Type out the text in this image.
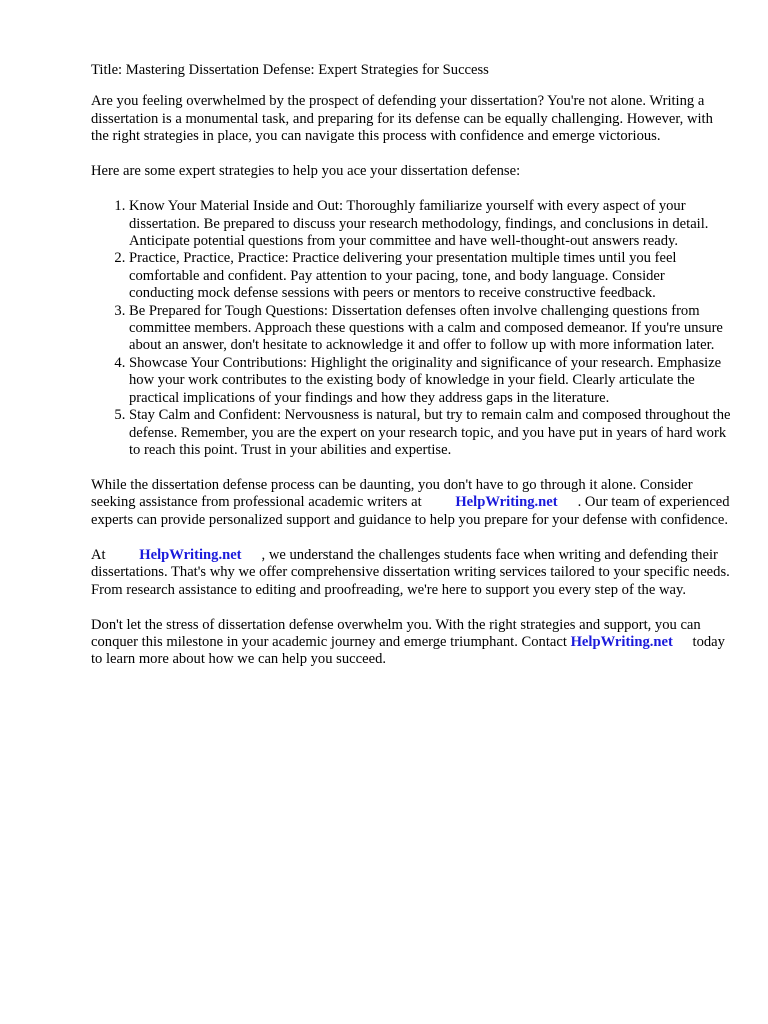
Title: Mastering Dissertation Defense: Expert Strategies for Success

Are you feeling overwhelmed by the prospect of defending your dissertation? You're not alone. Writing a dissertation is a monumental task, and preparing for its defense can be equally challenging. However, with the right strategies in place, you can navigate this process with confidence and emerge victorious.

Here are some expert strategies to help you ace your dissertation defense:

1. Know Your Material Inside and Out: Thoroughly familiarize yourself with every aspect of your dissertation. Be prepared to discuss your research methodology, findings, and conclusions in detail. Anticipate potential questions from your committee and have well-thought-out answers ready.
2. Practice, Practice, Practice: Practice delivering your presentation multiple times until you feel comfortable and confident. Pay attention to your pacing, tone, and body language. Consider conducting mock defense sessions with peers or mentors to receive constructive feedback.
3. Be Prepared for Tough Questions: Dissertation defenses often involve challenging questions from committee members. Approach these questions with a calm and composed demeanor. If you're unsure about an answer, don't hesitate to acknowledge it and offer to follow up with more information later.
4. Showcase Your Contributions: Highlight the originality and significance of your research. Emphasize how your work contributes to the existing body of knowledge in your field. Clearly articulate the practical implications of your findings and how they address gaps in the literature.
5. Stay Calm and Confident: Nervousness is natural, but try to remain calm and composed throughout the defense. Remember, you are the expert on your research topic, and you have put in years of hard work to reach this point. Trust in your abilities and expertise.

While the dissertation defense process can be daunting, you don't have to go through it alone. Consider seeking assistance from professional academic writers at HelpWriting.net . Our team of experienced experts can provide personalized support and guidance to help you prepare for your defense with confidence.

At HelpWriting.net , we understand the challenges students face when writing and defending their dissertations. That's why we offer comprehensive dissertation writing services tailored to your specific needs. From research assistance to editing and proofreading, we're here to support you every step of the way.

Don't let the stress of dissertation defense overwhelm you. With the right strategies and support, you can conquer this milestone in your academic journey and emerge triumphant. Contact HelpWriting.net today to learn more about how we can help you succeed.
